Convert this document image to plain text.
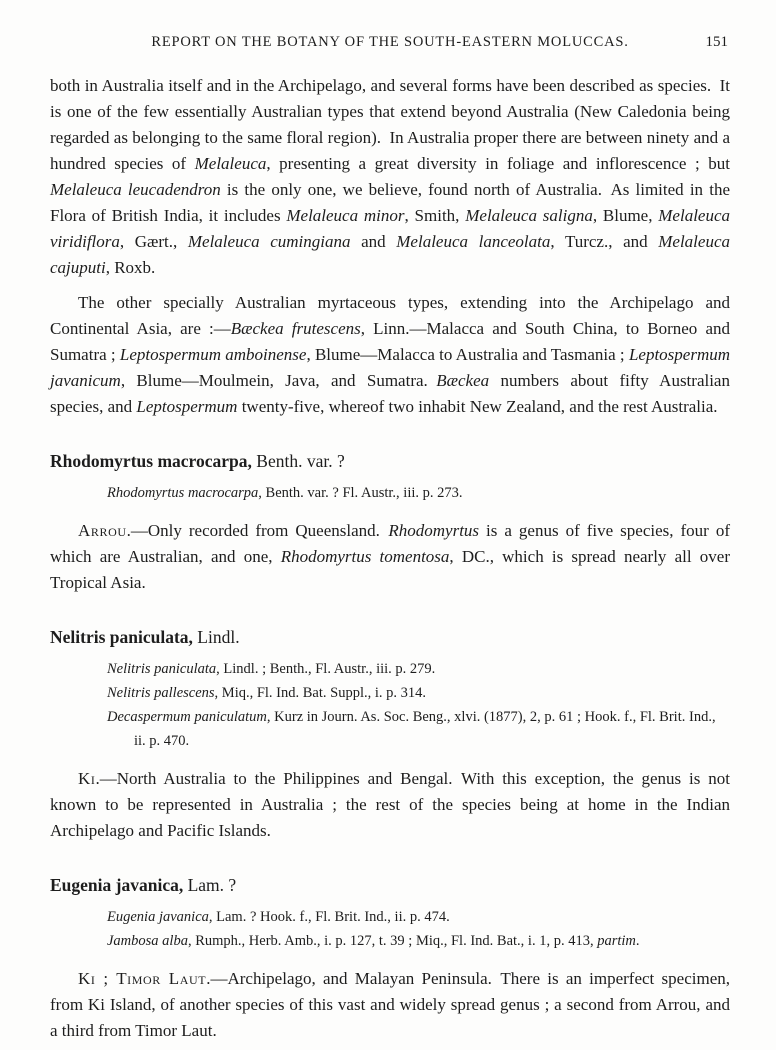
REPORT ON THE BOTANY OF THE SOUTH-EASTERN MOLUCCAS.	151

both in Australia itself and in the Archipelago, and several forms have been described as species. It is one of the few essentially Australian types that extend beyond Australia (New Caledonia being regarded as belonging to the same floral region). In Australia proper there are between ninety and a hundred species of Melaleuca, presenting a great diversity in foliage and inflorescence ; but Melaleuca leucadendron is the only one, we believe, found north of Australia. As limited in the Flora of British India, it includes Melaleuca minor, Smith, Melaleuca saligna, Blume, Melaleuca viridiflora, Gært., Melaleuca cumingiana and Melaleuca lanceolata, Turcz., and Melaleuca cajuputi, Roxb.

The other specially Australian myrtaceous types, extending into the Archipelago and Continental Asia, are :—Bæckea frutescens, Linn.—Malacca and South China, to Borneo and Sumatra ; Leptospermum amboinense, Blume—Malacca to Australia and Tasmania ; Leptospermum javanicum, Blume—Moulmein, Java, and Sumatra. Bæckea numbers about fifty Australian species, and Leptospermum twenty-five, whereof two inhabit New Zealand, and the rest Australia.

Rhodomyrtus macrocarpa, Benth. var. ?

Rhodomyrtus macrocarpa, Benth. var. ? Fl. Austr., iii. p. 273.

Arrou.—Only recorded from Queensland. Rhodomyrtus is a genus of five species, four of which are Australian, and one, Rhodomyrtus tomentosa, DC., which is spread nearly all over Tropical Asia.

Nelitris paniculata, Lindl.

Nelitris paniculata, Lindl. ; Benth., Fl. Austr., iii. p. 279.

Nelitris pallescens, Miq., Fl. Ind. Bat. Suppl., i. p. 314.

Decaspermum paniculatum, Kurz in Journ. As. Soc. Beng., xlvi. (1877), 2, p. 61 ; Hook. f., Fl. Brit. Ind., ii. p. 470.

Ki.—North Australia to the Philippines and Bengal. With this exception, the genus is not known to be represented in Australia ; the rest of the species being at home in the Indian Archipelago and Pacific Islands.

Eugenia javanica, Lam. ?

Eugenia javanica, Lam. ? Hook. f., Fl. Brit. Ind., ii. p. 474.

Jambosa alba, Rumph., Herb. Amb., i. p. 127, t. 39 ; Miq., Fl. Ind. Bat., i. 1, p. 413, partim.

Ki ; Timor Laut.—Archipelago, and Malayan Peninsula. There is an imperfect specimen, from Ki Island, of another species of this vast and widely spread genus ; a second from Arrou, and a third from Timor Laut.
